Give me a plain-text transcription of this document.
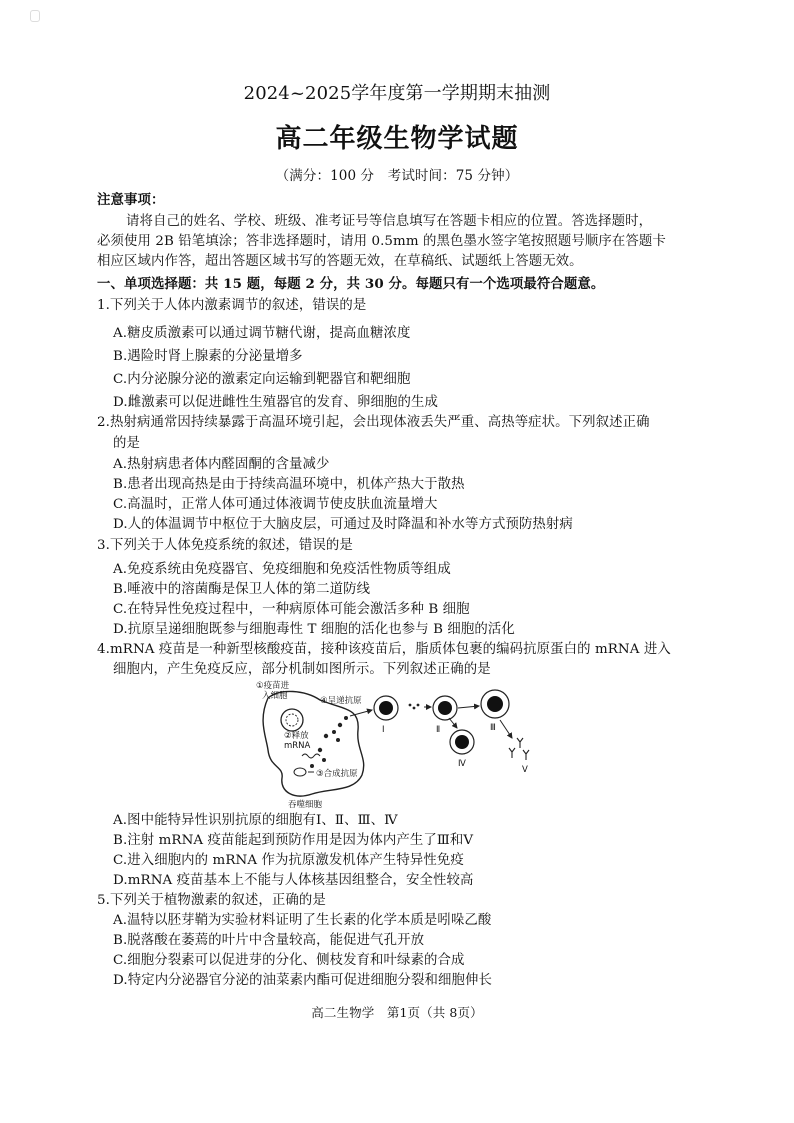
2024~2025学年度第一学期期末抽测
高二年级生物学试题
（满分：100 分　考试时间：75 分钟）
注意事项：
请将自己的姓名、学校、班级、准考证号等信息填写在答题卡相应的位置。答选择题时，
必须使用 2B 铅笔填涂；答非选择题时，请用 0.5mm 的黑色墨水签字笔按照题号顺序在答题卡
相应区域内作答，超出答题区域书写的答题无效，在草稿纸、试题纸上答题无效。
一、单项选择题：共 15 题，每题 2 分，共 30 分。每题只有一个选项最符合题意。
1.下列关于人体内激素调节的叙述，错误的是
A.糖皮质激素可以通过调节糖代谢，提高血糖浓度
B.遇险时肾上腺素的分泌量增多
C.内分泌腺分泌的激素定向运输到靶器官和靶细胞
D.雌激素可以促进雌性生殖器官的发育、卵细胞的生成
2.热射病通常因持续暴露于高温环境引起，会出现体液丢失严重、高热等症状。下列叙述正确
的是
A.热射病患者体内醛固酮的含量减少
B.患者出现高热是由于持续高温环境中，机体产热大于散热
C.高温时，正常人体可通过体液调节使皮肤血流量增大
D.人的体温调节中枢位于大脑皮层，可通过及时降温和补水等方式预防热射病
3.下列关于人体免疫系统的叙述，错误的是
A.免疫系统由免疫器官、免疫细胞和免疫活性物质等组成
B.唾液中的溶菌酶是保卫人体的第二道防线
C.在特异性免疫过程中，一种病原体可能会激活多种 B 细胞
D.抗原呈递细胞既参与细胞毒性 T 细胞的活化也参与 B 细胞的活化
4.mRNA 疫苗是一种新型核酸疫苗，接种该疫苗后，脂质体包裹的编码抗原蛋白的 mRNA 进入
细胞内，产生免疫反应，部分机制如图所示。下列叙述正确的是
①疫苗进
入细胞
②释放
mRNA
③合成抗原
④呈递抗原
吞噬细胞
Ⅰ	Ⅱ	Ⅲ
Ⅳ
Ⅴ
A.图中能特异性识别抗原的细胞有Ⅰ、Ⅱ、Ⅲ、Ⅳ
B.注射 mRNA 疫苗能起到预防作用是因为体内产生了Ⅲ和Ⅴ
C.进入细胞内的 mRNA 作为抗原激发机体产生特异性免疫
D.mRNA 疫苗基本上不能与人体核基因组整合，安全性较高
5.下列关于植物激素的叙述，正确的是
A.温特以胚芽鞘为实验材料证明了生长素的化学本质是吲哚乙酸
B.脱落酸在萎蔫的叶片中含量较高，能促进气孔开放
C.细胞分裂素可以促进芽的分化、侧枝发育和叶绿素的合成
D.特定内分泌器官分泌的油菜素内酯可促进细胞分裂和细胞伸长
高二生物学　第1页（共 8页）
